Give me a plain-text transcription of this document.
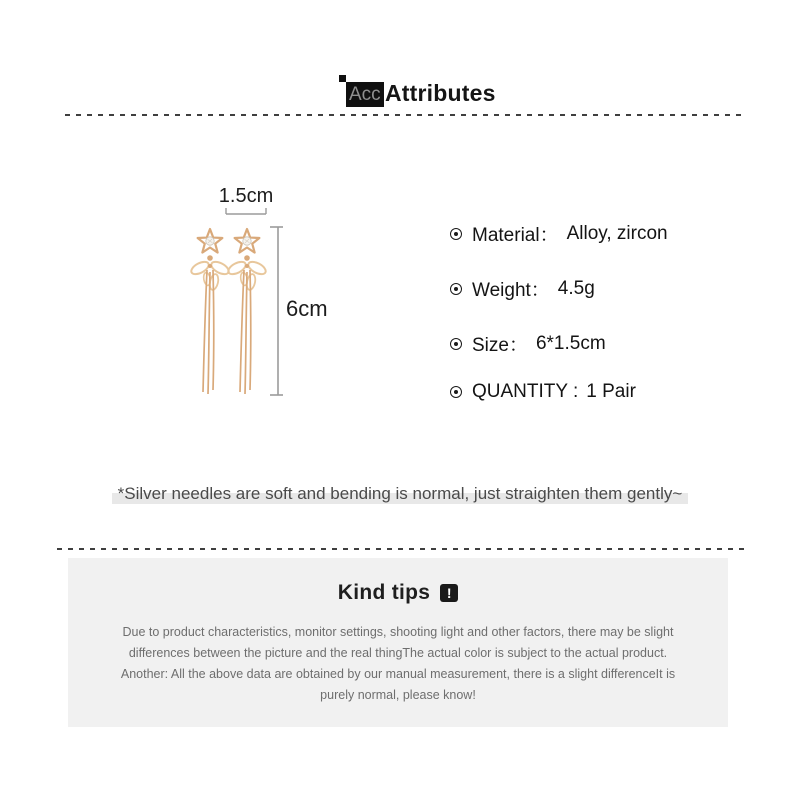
Acc Attributes
1.5cm
6cm
Material： Alloy, zircon
Weight： 4.5g
Size： 6*1.5cm
QUANTITY : 1 Pair
*Silver needles are soft and bending is normal, just straighten them gently~
Kind tips	!
Due to product characteristics, monitor settings, shooting light and other factors, there may be slight
differences between the picture and the real thingThe actual color is subject to the actual product.
Another: All the above data are obtained by our manual measurement, there is a slight differenceIt is
purely normal, please know!
